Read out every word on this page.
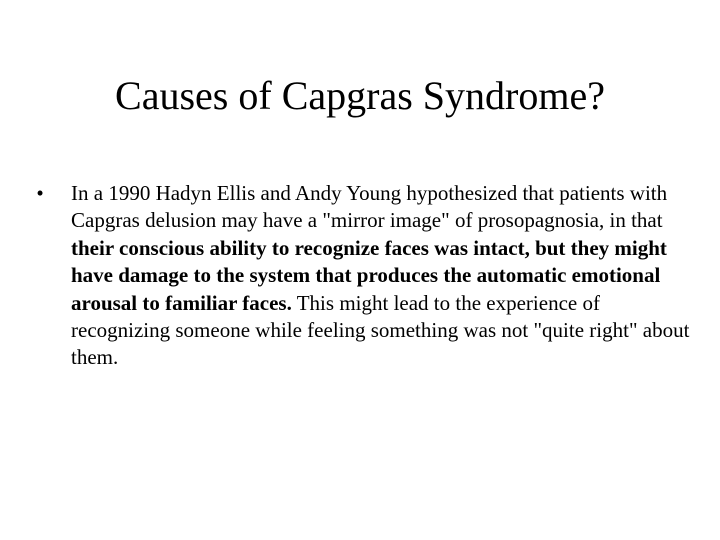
Causes of Capgras Syndrome?
•	In a 1990 Hadyn Ellis and Andy Young hypothesized that patients with Capgras delusion may have a "mirror image" of prosopagnosia, in that their conscious ability to recognize faces was intact, but they might have damage to the system that produces the automatic emotional arousal to familiar faces. This might lead to the experience of recognizing someone while feeling something was not "quite right" about them.
